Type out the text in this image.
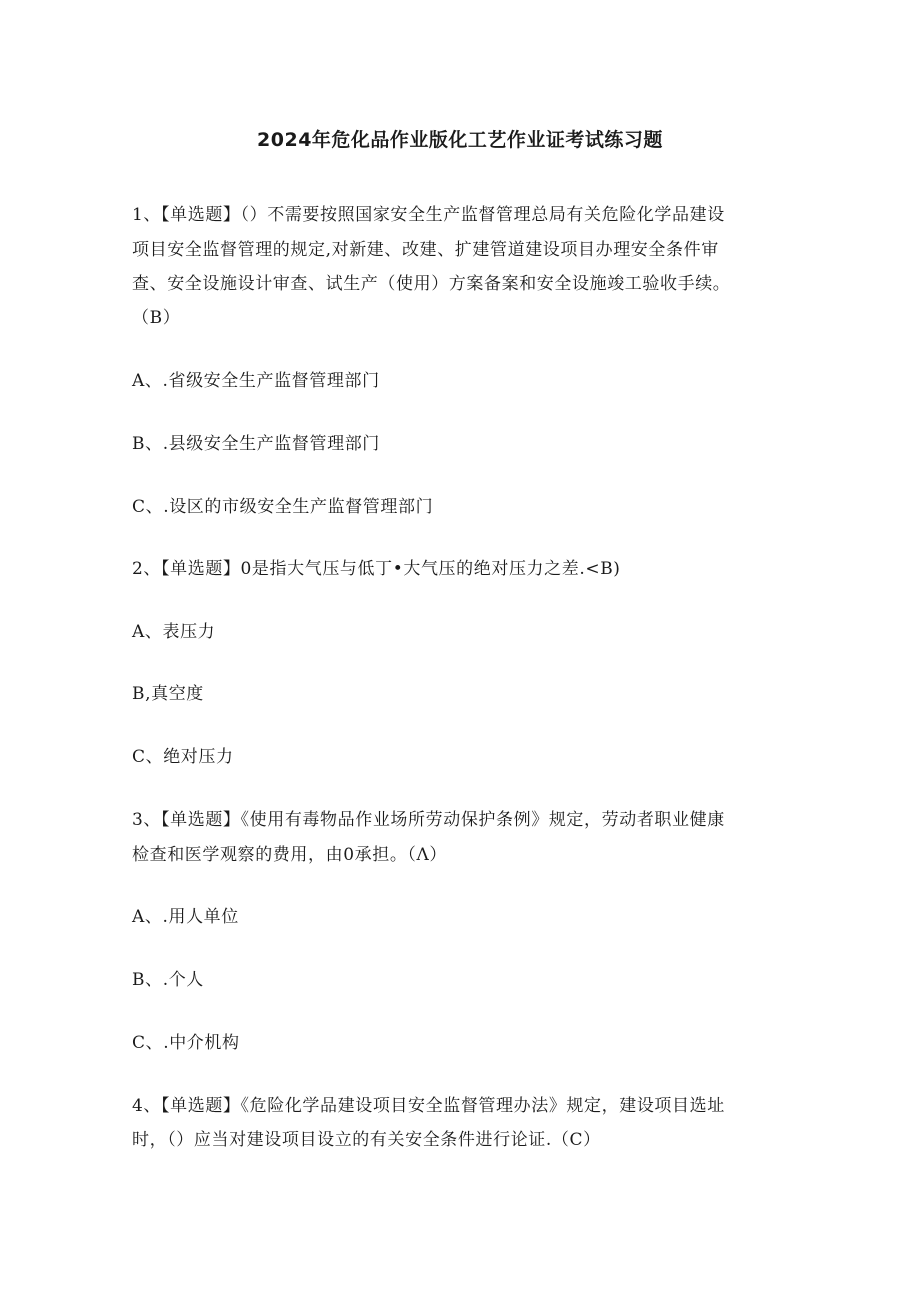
2024年危化品作业版化工艺作业证考试练习题
1、【单选题】（）不需要按照国家安全生产监督管理总局有关危险化学品建设
项目安全监督管理的规定,对新建、改建、扩建管道建设项目办理安全条件审
查、安全设施设计审查、试生产（使用）方案备案和安全设施竣工验收手续。
（B）
A、.省级安全生产监督管理部门
B、.县级安全生产监督管理部门
C、.设区的市级安全生产监督管理部门
2、【单选题】0是指大气压与低丁•大气压的绝对压力之差.<B)
A、表压力
B,真空度
C、绝对压力
3、【单选题】《使用有毒物品作业场所劳动保护条例》规定，劳动者职业健康
检查和医学观察的费用，由0承担。（Λ）
A、.用人单位
B、.个人
C、.中介机构
4、【单选题】《危险化学品建设项目安全监督管理办法》规定，建设项目选址
时，（）应当对建设项目设立的有关安全条件进行论证.（C）
